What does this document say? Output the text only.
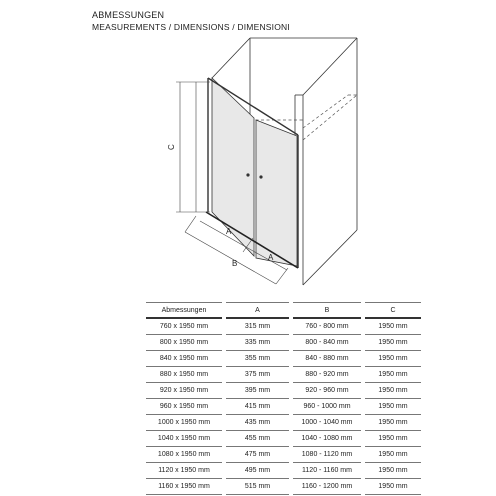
ABMESSUNGEN
MEASUREMENTS / DIMENSIONS / DIMENSIONI
C
A
A
B
Abmessungen	A	B	C
760 x 1950 mm	315 mm	760 - 800 mm	1950 mm
800 x 1950 mm	335 mm	800 - 840 mm	1950 mm
840 x 1950 mm	355 mm	840 - 880 mm	1950 mm
880 x 1950 mm	375 mm	880 - 920 mm	1950 mm
920 x 1950 mm	395 mm	920 - 960 mm	1950 mm
960 x 1950 mm	415 mm	960 - 1000 mm	1950 mm
1000 x 1950 mm	435 mm	1000 - 1040 mm	1950 mm
1040 x 1950 mm	455 mm	1040 - 1080 mm	1950 mm
1080 x 1950 mm	475 mm	1080 - 1120 mm	1950 mm
1120 x 1950 mm	495 mm	1120 - 1160 mm	1950 mm
1160 x 1950 mm	515 mm	1160 - 1200 mm	1950 mm
